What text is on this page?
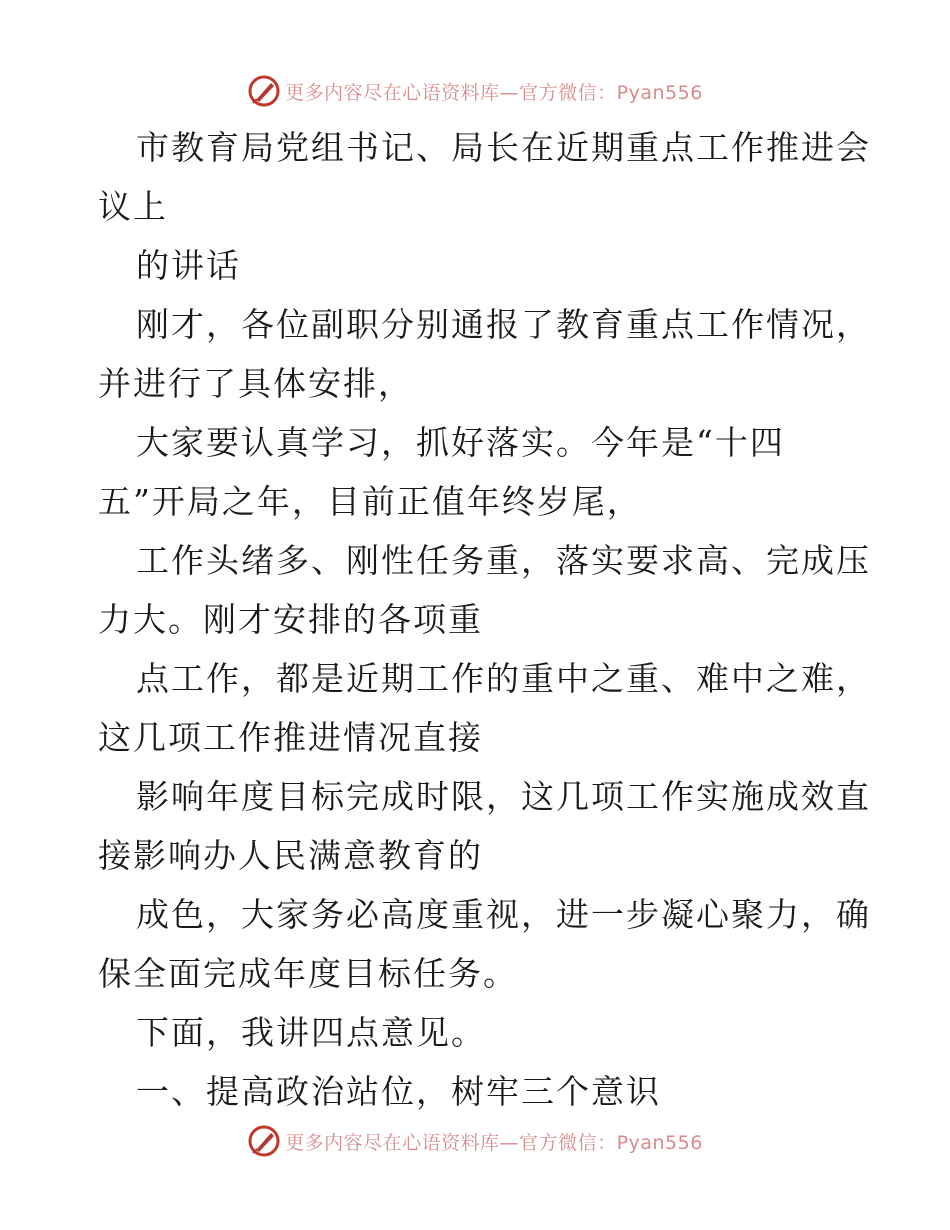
更多内容尽在心语资料库—官方微信：Pyan556
市教育局党组书记、局长在近期重点工作推进会
议上
的讲话
刚才，各位副职分别通报了教育重点工作情况，
并进行了具体安排，
大家要认真学习，抓好落实。今年是“十四
五”开局之年，目前正值年终岁尾，
工作头绪多、刚性任务重，落实要求高、完成压
力大。刚才安排的各项重
点工作，都是近期工作的重中之重、难中之难，
这几项工作推进情况直接
影响年度目标完成时限，这几项工作实施成效直
接影响办人民满意教育的
成色，大家务必高度重视，进一步凝心聚力，确
保全面完成年度目标任务。
下面，我讲四点意见。
一、提高政治站位，树牢三个意识
更多内容尽在心语资料库—官方微信：Pyan556
